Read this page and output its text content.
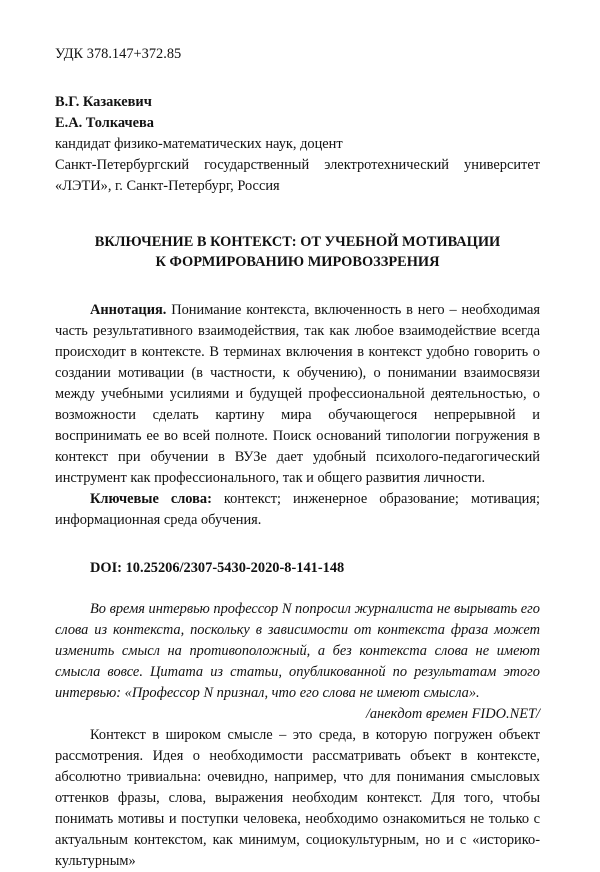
УДК 378.147+372.85
В.Г. Казакевич
Е.А. Толкачева
кандидат физико-математических наук, доцент
Санкт-Петербургский государственный электротехнический университет
«ЛЭТИ», г. Санкт-Петербург, Россия
ВКЛЮЧЕНИЕ В КОНТЕКСТ: ОТ УЧЕБНОЙ МОТИВАЦИИ
К ФОРМИРОВАНИЮ МИРОВОЗЗРЕНИЯ

Аннотация. Понимание контекста, включенность в него – необходимая часть результативного взаимодействия, так как любое взаимодействие всегда происходит в контексте. В терминах включения в контекст удобно говорить о создании мотивации (в частности, к обучению), о понимании взаимосвязи между учебными усилиями и будущей профессиональной деятельностью, о возможности сделать картину мира обучающегося непрерывной и воспринимать ее во всей полноте. Поиск оснований типологии погружения в контекст при обучении в ВУЗе дает удобный психолого-педагогический инструмент как профессионального, так и общего развития личности.

Ключевые слова: контекст; инженерное образование; мотивация; информационная среда обучения.

DOI: 10.25206/2307-5430-2020-8-141-148

Во время интервью профессор N попросил журналиста не вырывать его слова из контекста, поскольку в зависимости от контекста фраза может изменить смысл на противоположный, а без контекста слова не имеют смысла вовсе. Цитата из статьи, опубликованной по результатам этого интервью: «Профессор N признал, что его слова не имеют смысла».

/анекдот времен FIDO.NET/

Контекст в широком смысле – это среда, в которую погружен объект рассмотрения. Идея о необходимости рассматривать объект в контексте, абсолютно тривиальна: очевидно, например, что для понимания смысловых оттенков фразы, слова, выражения необходим контекст. Для того, чтобы понимать мотивы и поступки человека, необходимо ознакомиться не только с актуальным контекстом, как минимум, социокультурным, но и с «историко-культурным»
